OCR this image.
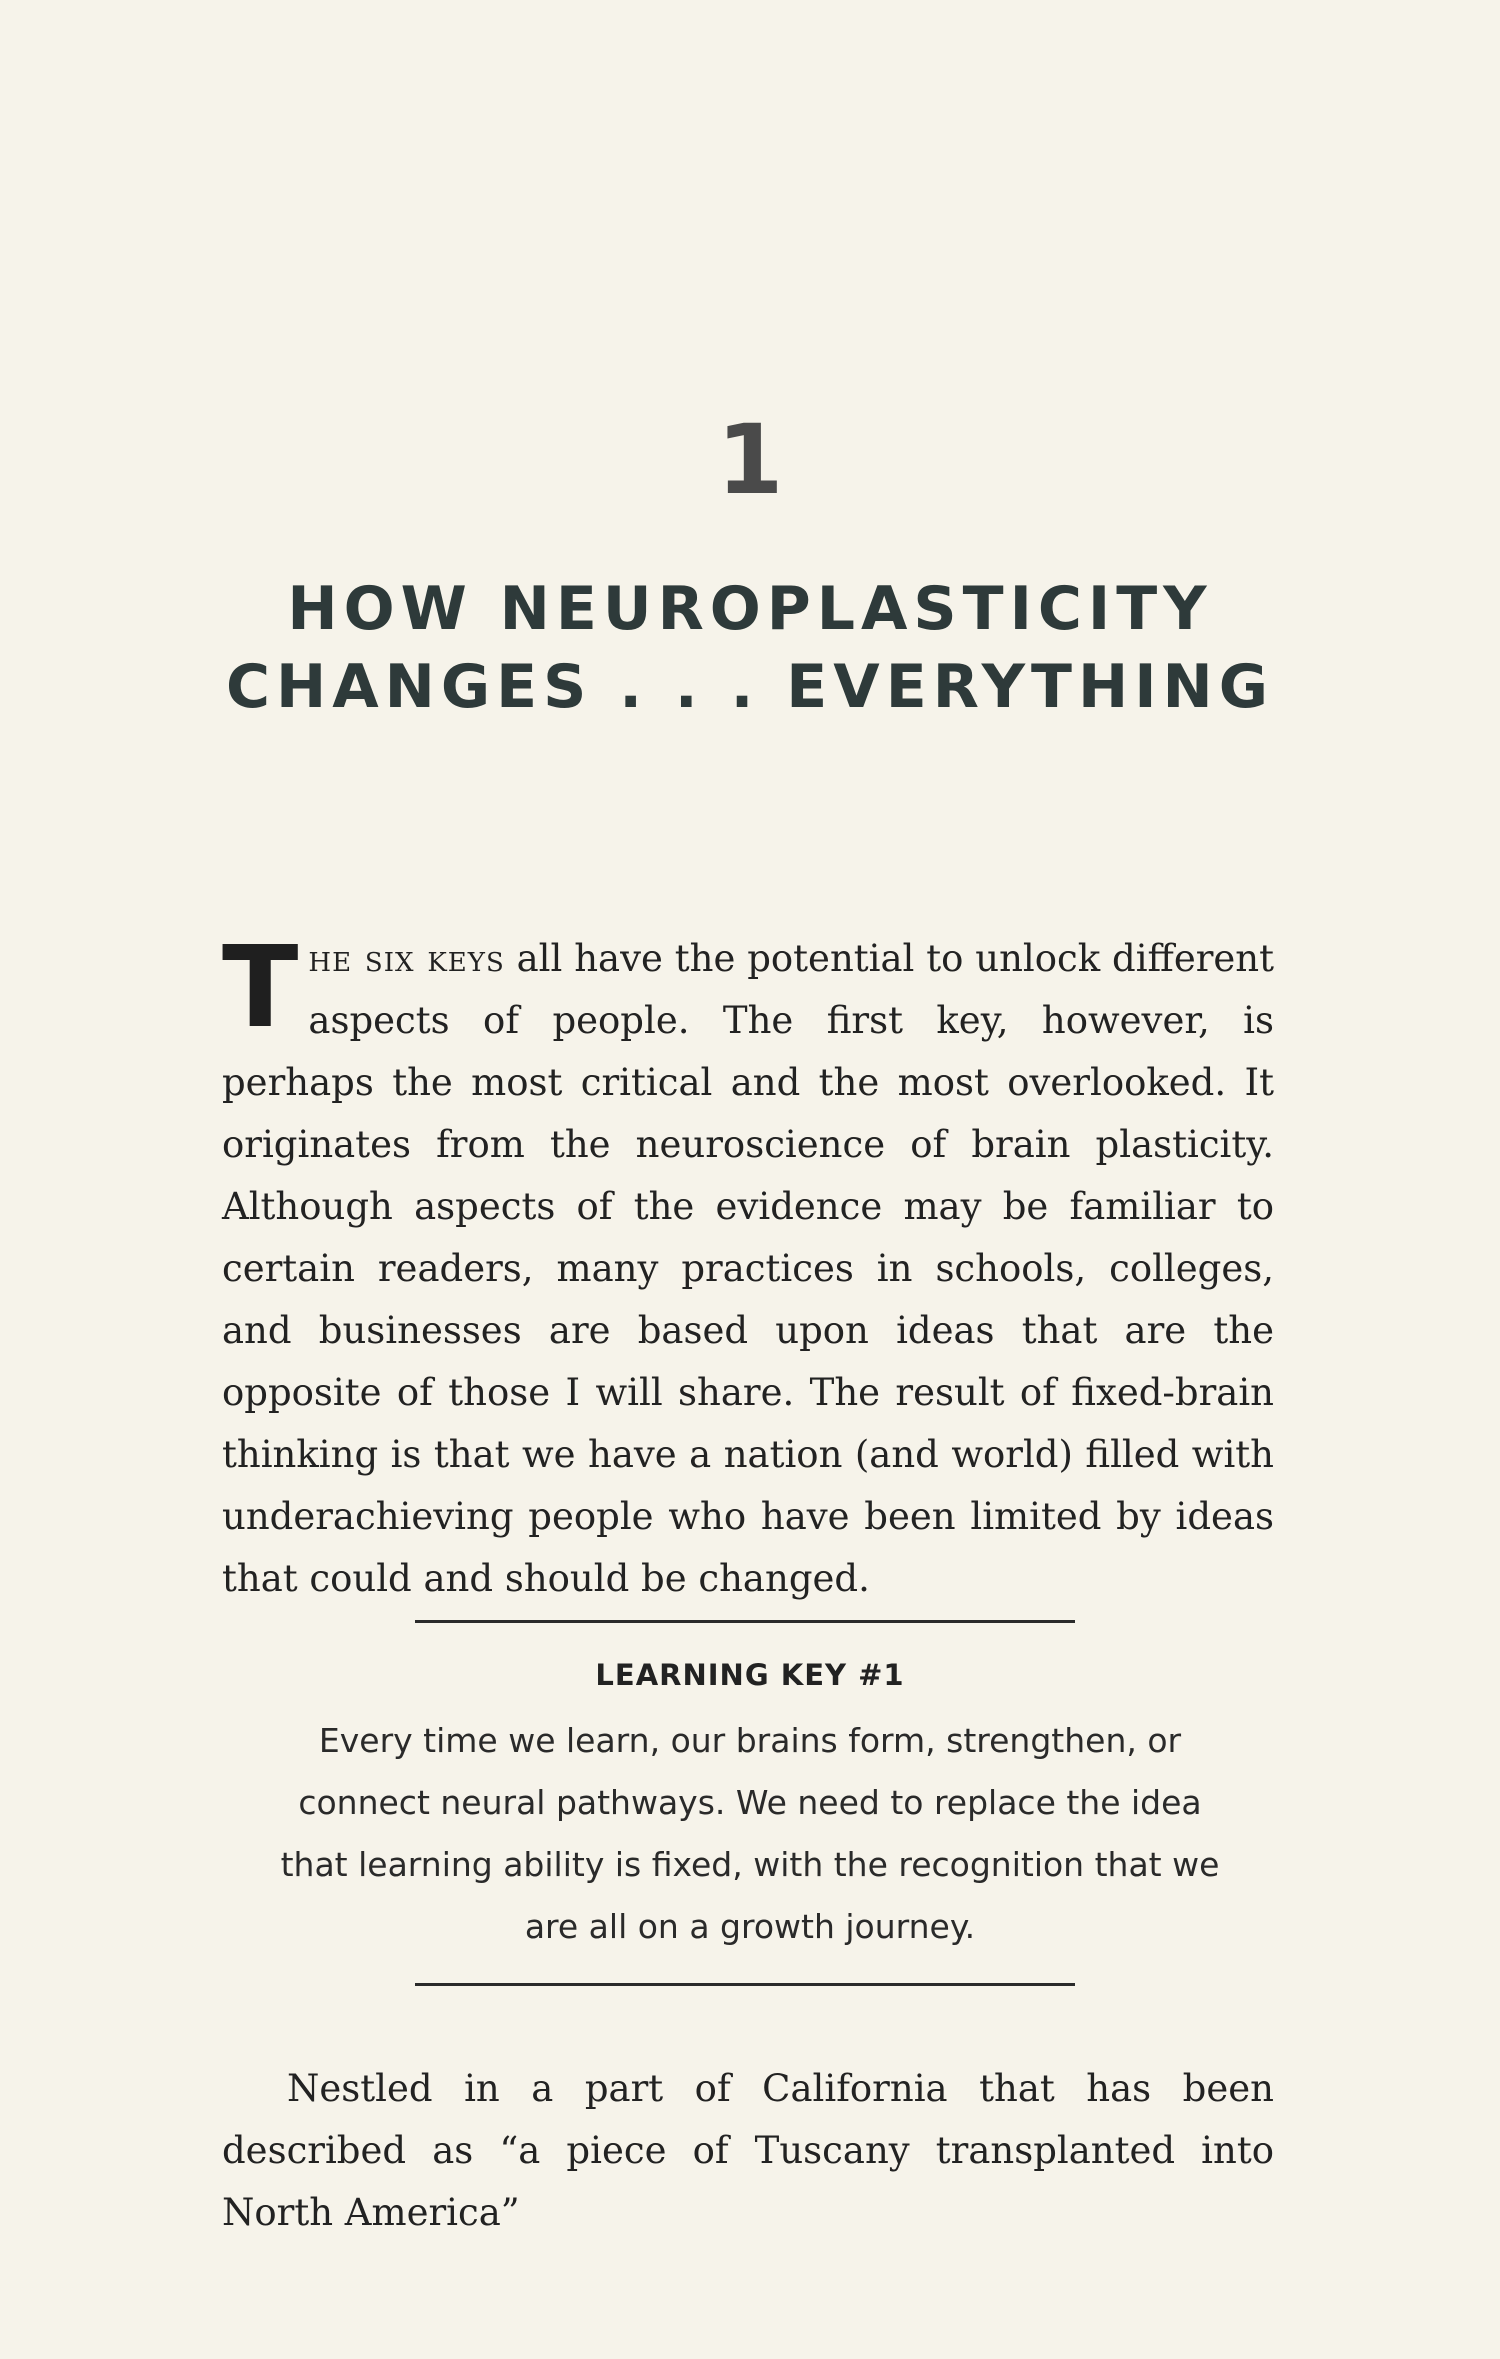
1
HOW NEUROPLASTICITY
CHANGES . . . EVERYTHING
The six keys all have the potential to unlock different aspects of people. The first key, however, is perhaps the most critical and the most overlooked. It originates from the neuroscience of brain plasticity. Although aspects of the evidence may be familiar to certain readers, many practices in schools, colleges, and businesses are based upon ideas that are the opposite of those I will share. The result of fixed-brain thinking is that we have a nation (and world) filled with underachieving people who have been limited by ideas that could and should be changed.
LEARNING KEY #1
Every time we learn, our brains form, strengthen, or connect neural pathways. We need to replace the idea that learning ability is fixed, with the recognition that we are all on a growth journey.
Nestled in a part of California that has been described as “a piece of Tuscany transplanted into North America”
